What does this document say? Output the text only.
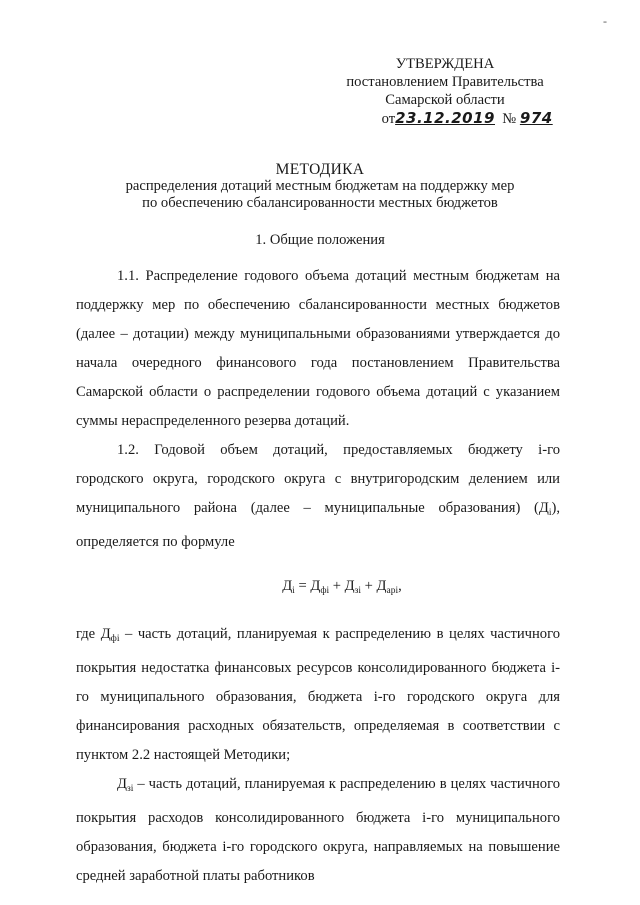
-
УТВЕРЖДЕНА
постановлением Правительства
Самарской области
от23.12.2019 № 974
МЕТОДИКА
распределения дотаций местным бюджетам на поддержку мер
по обеспечению сбалансированности местных бюджетов
1. Общие положения

1.1. Распределение годового объема дотаций местным бюджетам на поддержку мер по обеспечению сбалансированности местных бюджетов (далее – дотации) между муниципальными образованиями утверждается до начала очередного финансового года постановлением Правительства Самарской области о распределении годового объема дотаций с указанием суммы нераспределенного резерва дотаций.

1.2. Годовой объем дотаций, предоставляемых бюджету i-го городского округа, городского округа с внутригородским делением или муниципального района (далее – муниципальные образования) $(Д_i)$, определяется по формуле

$Д_i = Д_{фi} + Д_{зi} + Д_{арi}$,

где $Д_{фi}$ – часть дотаций, планируемая к распределению в целях частичного покрытия недостатка финансовых ресурсов консолидированного бюджета i-го муниципального образования, бюджета i-го городского округа для финансирования расходных обязательств, определяемая в соответствии с пунктом 2.2 настоящей Методики;

$Д_{зi}$ – часть дотаций, планируемая к распределению в целях частичного покрытия расходов консолидированного бюджета i-го муниципального образования, бюджета i-го городского округа, направляемых на повышение средней заработной платы работников
